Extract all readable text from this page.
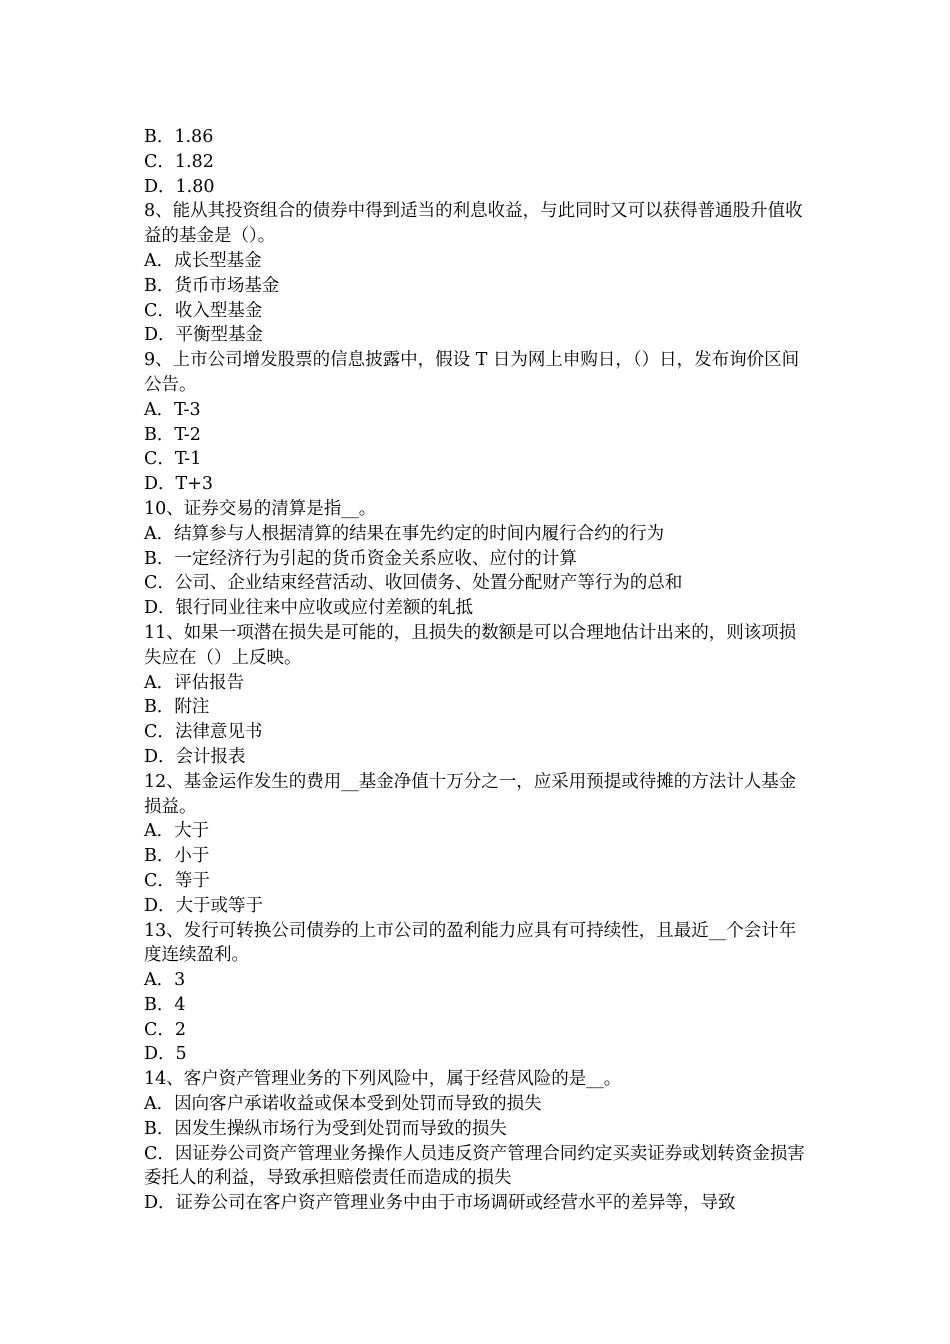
B．1.86
C．1.82
D．1.80
8、能从其投资组合的债券中得到适当的利息收益，与此同时又可以获得普通股升值收益的基金是（）。
A．成长型基金
B．货币市场基金
C．收入型基金
D．平衡型基金
9、上市公司增发股票的信息披露中，假设 T 日为网上申购日，（）日，发布询价区间公告。
A．T-3
B．T-2
C．T-1
D．T+3
10、证券交易的清算是指__。
A．结算参与人根据清算的结果在事先约定的时间内履行合约的行为
B．一定经济行为引起的货币资金关系应收、应付的计算
C．公司、企业结束经营活动、收回债务、处置分配财产等行为的总和
D．银行同业往来中应收或应付差额的轧抵
11、如果一项潜在损失是可能的，且损失的数额是可以合理地估计出来的，则该项损失应在（）上反映。
A．评估报告
B．附注
C．法律意见书
D．会计报表
12、基金运作发生的费用__基金净值十万分之一，应采用预提或待摊的方法计人基金损益。
A．大于
B．小于
C．等于
D．大于或等于
13、发行可转换公司债券的上市公司的盈利能力应具有可持续性，且最近__个会计年度连续盈利。
A．3
B．4
C．2
D．5
14、客户资产管理业务的下列风险中，属于经营风险的是__。
A．因向客户承诺收益或保本受到处罚而导致的损失
B．因发生操纵市场行为受到处罚而导致的损失
C．因证券公司资产管理业务操作人员违反资产管理合同约定买卖证券或划转资金损害委托人的利益，导致承担赔偿责任而造成的损失
D．证券公司在客户资产管理业务中由于市场调研或经营水平的差异等，导致
